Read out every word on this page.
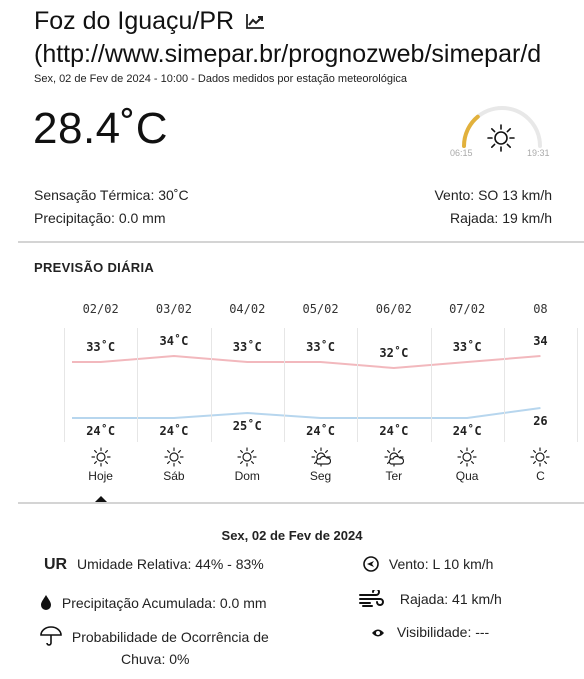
Foz do Iguaçu/PR
(http://www.simepar.br/prognozweb/simepar/d
Sex, 02 de Fev de 2024 - 10:00 - Dados medidos por estação meteorológica
28.4˚C	06:15	19:31
Sensação Térmica: 30˚C
Precipitação: 0.0 mm
Vento: SO 13 km/h
Rajada: 19 km/h
PREVISÃO DIÁRIA
02/02
33˚C
24˚C
Hoje
03/02
34˚C
24˚C
Sáb
04/02
33˚C
25˚C
Dom
05/02
33˚C
24˚C
Seg
06/02
32˚C
24˚C
Ter
07/02
33˚C
24˚C
Qua
08
34
26
C
Sex, 02 de Fev de 2024
UR Umidade Relativa: 44% - 83%
Precipitação Acumulada: 0.0 mm
Probabilidade de Ocorrência de
Chuva: 0%
Vento: L 10 km/h
Rajada: 41 km/h
Visibilidade: ---
